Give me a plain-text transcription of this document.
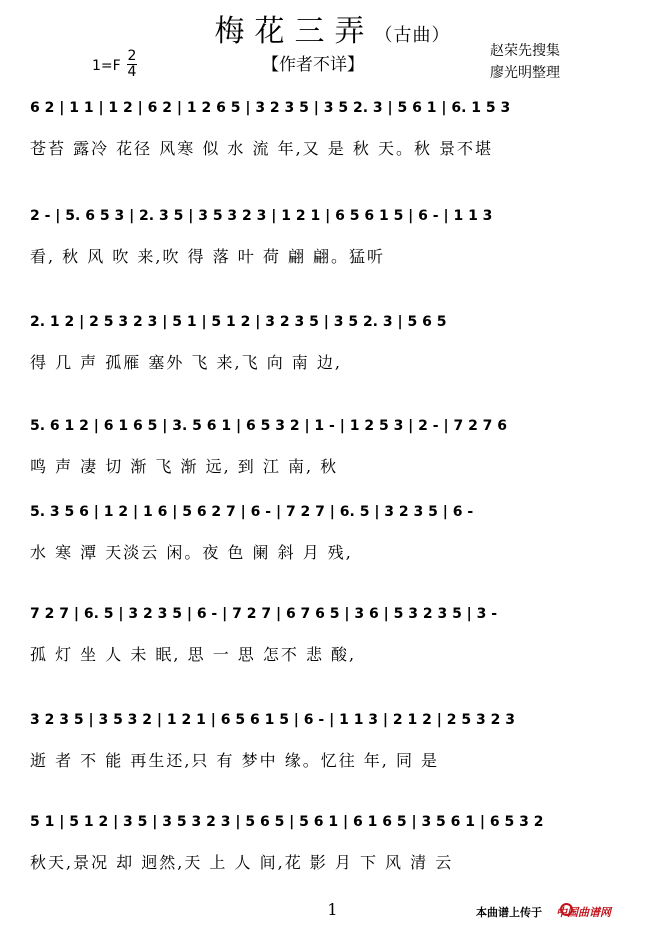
梅花三弄（古曲）
1=F
2
4	【作者不详】
赵荣先搜集
廖光明整理
6 2 | 1 1 | 1 2 | 6 2 | 1 2 6 5 | 3 2 3 5 | 3 5 2. 3 | 5 6 1 | 6. 1 5 3
苍苔 露冷 花径 风寒 似 水 流 年,又 是 秋 天。秋 景不堪
2 - | 5. 6 5 3 | 2. 3 5 | 3 5 3 2 3 | 1 2 1 | 6 5 6 1 5 | 6 - | 1 1 3
看, 秋 风 吹 来,吹 得 落 叶 荷 翩 翩。猛听
2. 1 2 | 2 5 3 2 3 | 5 1 | 5 1 2 | 3 2 3 5 | 3 5 2. 3 | 5 6 5
得 几 声 孤雁 塞外 飞 来,飞 向 南 边,
5. 6 1 2 | 6 1 6 5 | 3. 5 6 1 | 6 5 3 2 | 1 - | 1 2 5 3 | 2 - | 7 2 7 6
鸣 声 凄 切 渐 飞 渐 远, 到 江 南, 秋
5. 3 5 6 | 1 2 | 1 6 | 5 6 2 7 | 6 - | 7 2 7 | 6. 5 | 3 2 3 5 | 6 -
水 寒 潭 天淡云 闲。夜 色 阑 斜 月 残,
7 2 7 | 6. 5 | 3 2 3 5 | 6 - | 7 2 7 | 6 7 6 5 | 3 6 | 5 3 2 3 5 | 3 -
孤 灯 坐 人 未 眠, 思 一 思 怎不 悲 酸,
3 2 3 5 | 3 5 3 2 | 1 2 1 | 6 5 6 1 5 | 6 - | 1 1 3 | 2 1 2 | 2 5 3 2 3
逝 者 不 能 再生还,只 有 梦中 缘。忆往 年, 同 是
5 1 | 5 1 2 | 3 5 | 3 5 3 2 3 | 5 6 5 | 5 6 1 | 6 1 6 5 | 3 5 6 1 | 6 5 3 2
秋天,景况 却 迥然,天 上 人 间,花 影 月 下 风 清 云
1	本曲谱上传于 中国曲谱网
